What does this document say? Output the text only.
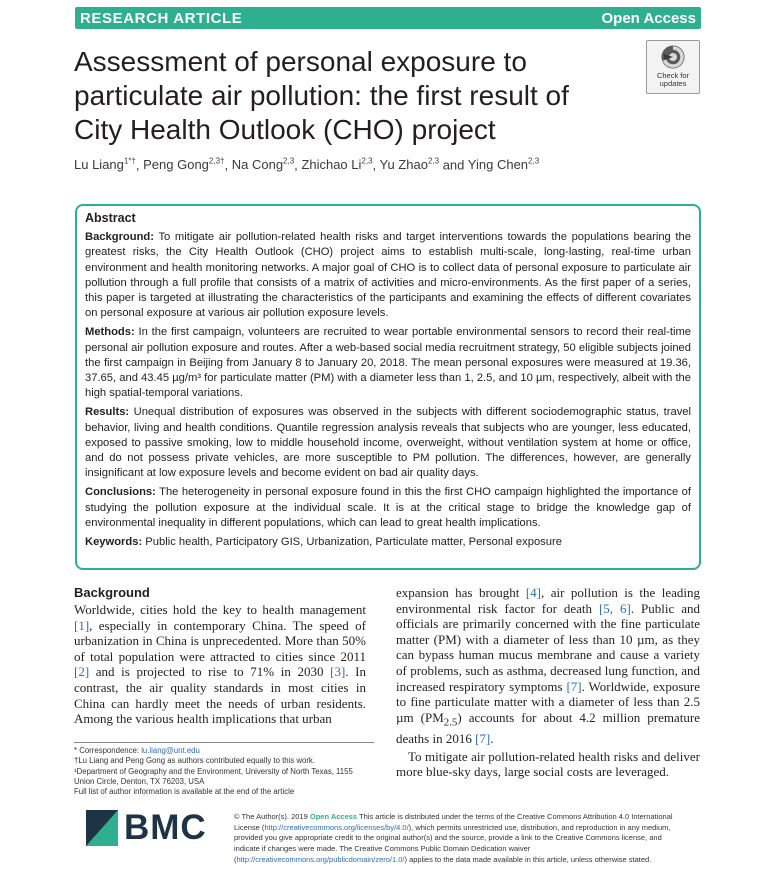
RESEARCH ARTICLE	Open Access
Assessment of personal exposure to particulate air pollution: the first result of City Health Outlook (CHO) project
Check for
updates
Lu Liang$^{1*\dagger}$, Peng Gong$^{2,3\dagger}$, Na Cong$^{2,3}$, Zhichao Li$^{2,3}$, Yu Zhao$^{2,3}$ and Ying Chen$^{2,3}$
Abstract

Background: To mitigate air pollution-related health risks and target interventions towards the populations bearing the greatest risks, the City Health Outlook (CHO) project aims to establish multi-scale, long-lasting, real-time urban environment and health monitoring networks. A major goal of CHO is to collect data of personal exposure to particulate air pollution through a full profile that consists of a matrix of activities and micro-environments. As the first paper of a series, this paper is targeted at illustrating the characteristics of the participants and examining the effects of different covariates on personal exposure at various air pollution exposure levels.

Methods: In the first campaign, volunteers are recruited to wear portable environmental sensors to record their real-time personal air pollution exposure and routes. After a web-based social media recruitment strategy, 50 eligible subjects joined the first campaign in Beijing from January 8 to January 20, 2018. The mean personal exposures were measured at 19.36, 37.65, and 43.45 µg/m³ for particulate matter (PM) with a diameter less than 1, 2.5, and 10 µm, respectively, albeit with the high spatial-temporal variations.

Results: Unequal distribution of exposures was observed in the subjects with different sociodemographic status, travel behavior, living and health conditions. Quantile regression analysis reveals that subjects who are younger, less educated, exposed to passive smoking, low to middle household income, overweight, without ventilation system at home or office, and do not possess private vehicles, are more susceptible to PM pollution. The differences, however, are generally insignificant at low exposure levels and become evident on bad air quality days.

Conclusions: The heterogeneity in personal exposure found in this the first CHO campaign highlighted the importance of studying the pollution exposure at the individual scale. It is at the critical stage to bridge the knowledge gap of environmental inequality in different populations, which can lead to great health implications.

Keywords: Public health, Participatory GIS, Urbanization, Particulate matter, Personal exposure

Background

Worldwide, cities hold the key to health management [1], especially in contemporary China. The speed of urbanization in China is unprecedented. More than 50% of total population were attracted to cities since 2011 [2] and is projected to rise to 71% in 2030 [3]. In contrast, the air quality standards in most cities in China can hardly meet the needs of urban residents. Among the various health implications that urban

expansion has brought [4], air pollution is the leading environmental risk factor for death [5, 6]. Public and officials are primarily concerned with the fine particulate matter (PM) with a diameter of less than 10 µm, as they can bypass human mucus membrane and cause a variety of problems, such as asthma, decreased lung function, and increased respiratory symptoms [7]. Worldwide, exposure to fine particulate matter with a diameter of less than 2.5 µm $(PM_{2.5})$ accounts for about 4.2 million premature deaths in 2016 [7].

To mitigate air pollution-related health risks and deliver more blue-sky days, large social costs are leveraged.

* Correspondence: lu.liang@unt.edu
†Lu Liang and Peng Gong as authors contributed equally to this work.
¹Department of Geography and the Environment, University of North Texas, 1155 Union Circle, Denton, TX 76203, USA
Full list of author information is available at the end of the article
BMC	© The Author(s). 2019 Open Access This article is distributed under the terms of the Creative Commons Attribution 4.0 International License (http://creativecommons.org/licenses/by/4.0/), which permits unrestricted use, distribution, and reproduction in any medium, provided you give appropriate credit to the original author(s) and the source, provide a link to the Creative Commons license, and indicate if changes were made. The Creative Commons Public Domain Dedication waiver (http://creativecommons.org/publicdomain/zero/1.0/) applies to the data made available in this article, unless otherwise stated.
